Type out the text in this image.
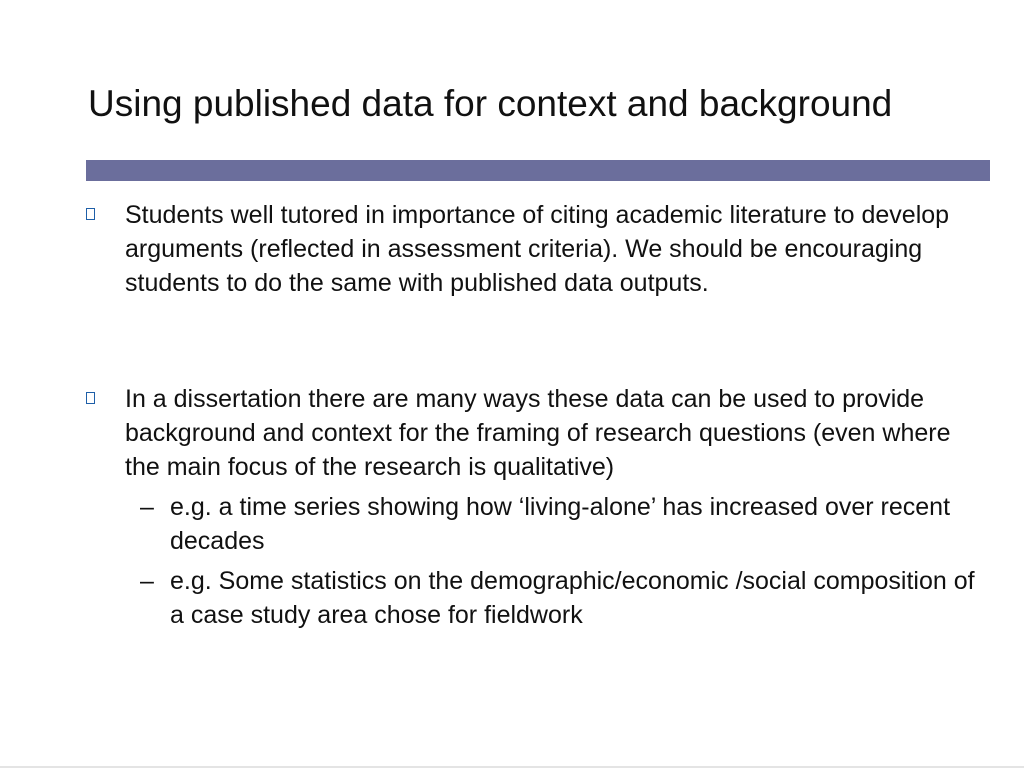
Using published data for context and background
Students well tutored in importance of citing academic literature to develop arguments (reflected in assessment criteria). We should be encouraging students to do the same with published data outputs.
In a dissertation there are many ways these data can be used to provide background and context for the framing of research questions (even where the main focus of the research is qualitative)
– e.g. a time series showing how ‘living-alone’ has increased over recent decades
– e.g. Some statistics on the demographic/economic /social composition of a case study area chose for fieldwork
